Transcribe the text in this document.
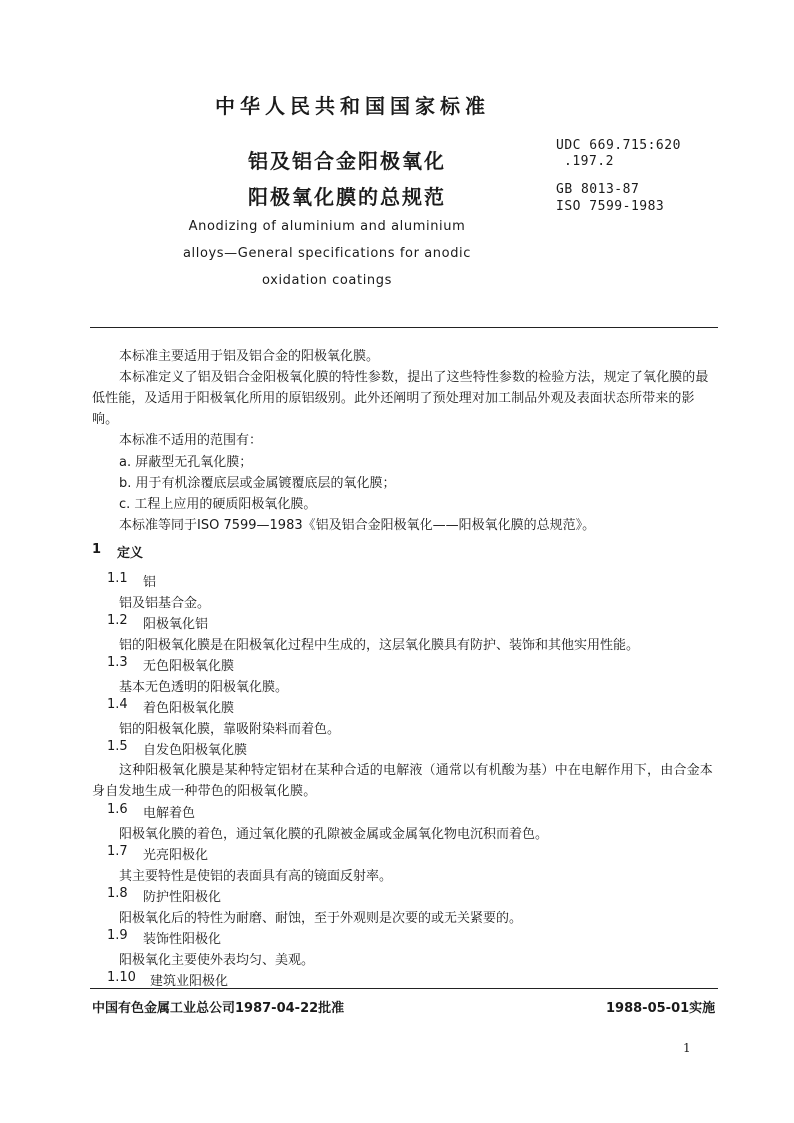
中华人民共和国国家标准
铝及铝合金阳极氧化
阳极氧化膜的总规范
UDC 669.715:620
.197.2
GB 8013-87
ISO 7599-1983
Anodizing of aluminium and aluminium
alloys—General specifications for anodic
oxidation coatings
本标准主要适用于铝及铝合金的阳极氧化膜。
本标准定义了铝及铝合金阳极氧化膜的特性参数，提出了这些特性参数的检验方法，规定了氧化膜的最低性能，及适用于阳极氧化所用的原铝级别。此外还阐明了预处理对加工制品外观及表面状态所带来的影响。
本标准不适用的范围有：
a. 屏蔽型无孔氧化膜；
b. 用于有机涂覆底层或金属镀覆底层的氧化膜；
c. 工程上应用的硬质阳极氧化膜。
本标准等同于ISO 7599—1983《铝及铝合金阳极氧化——阳极氧化膜的总规范》。
1 定义
1.1 铝
铝及铝基合金。
1.2 阳极氧化铝
铝的阳极氧化膜是在阳极氧化过程中生成的，这层氧化膜具有防护、装饰和其他实用性能。
1.3 无色阳极氧化膜
基本无色透明的阳极氧化膜。
1.4 着色阳极氧化膜
铝的阳极氧化膜，靠吸附染料而着色。
1.5 自发色阳极氧化膜
这种阳极氧化膜是某种特定铝材在某种合适的电解液（通常以有机酸为基）中在电解作用下，由合金本身自发地生成一种带色的阳极氧化膜。
1.6 电解着色
阳极氧化膜的着色，通过氧化膜的孔隙被金属或金属氧化物电沉积而着色。
1.7 光亮阳极化
其主要特性是使铝的表面具有高的镜面反射率。
1.8 防护性阳极化
阳极氧化后的特性为耐磨、耐蚀，至于外观则是次要的或无关紧要的。
1.9 装饰性阳极化
阳极氧化主要使外表均匀、美观。
1.10 建筑业阳极化
中国有色金属工业总公司1987-04-22批准	1988-05-01实施
1
